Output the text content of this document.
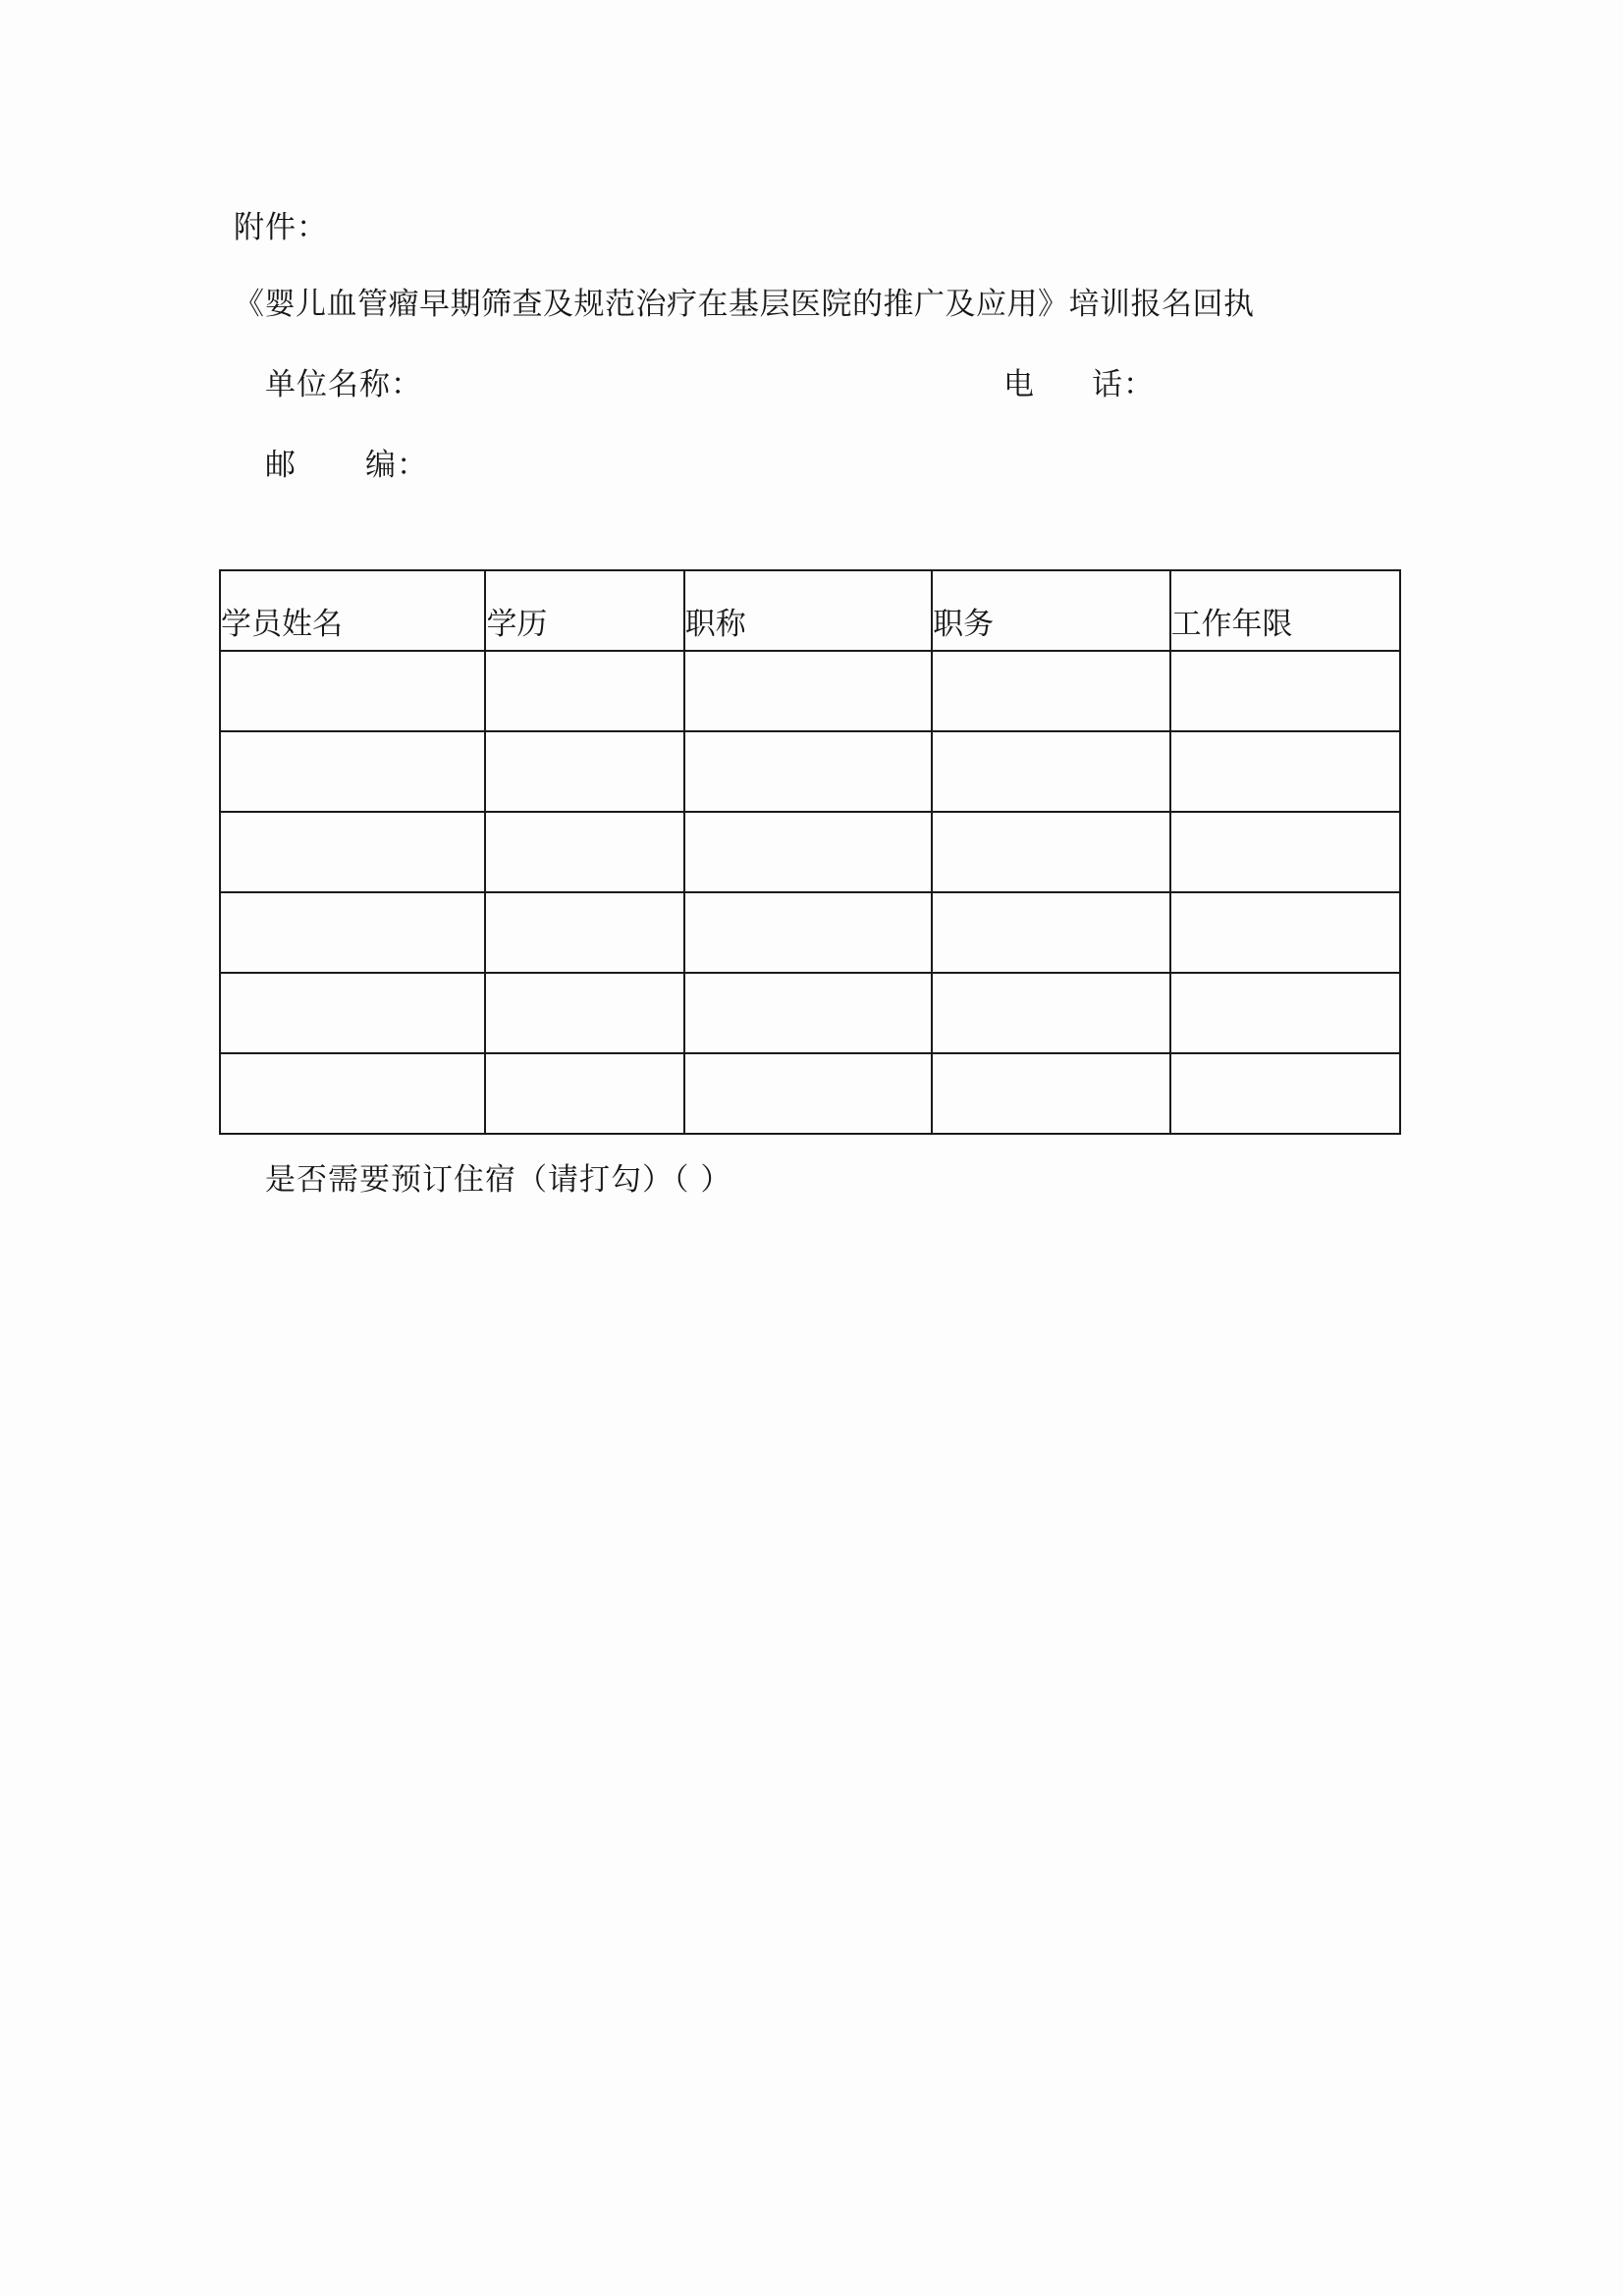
附件：
《婴儿血管瘤早期筛查及规范治疗在基层医院的推广及应用》培训报名回执
单位名称：	电 话：
邮 编：
学员姓名	学历	职称	职务	工作年限

是否需要预订住宿（请打勾）（ ）
